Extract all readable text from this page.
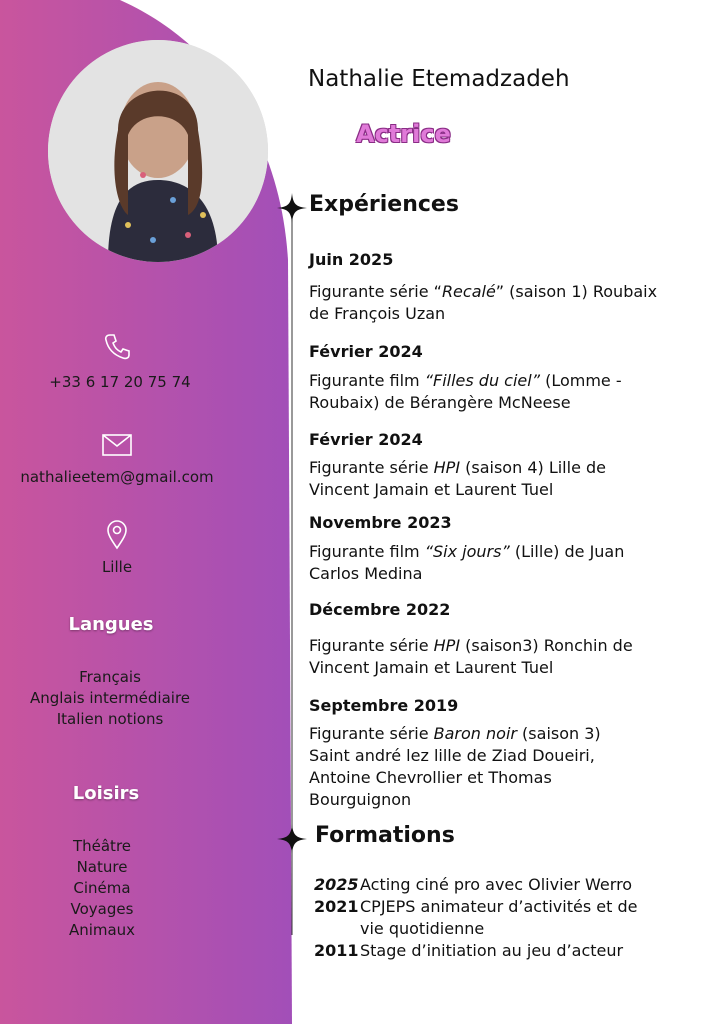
+33 6 17 20 75 74
nathalieetem@gmail.com
Lille
Langues
Français
Anglais intermédiaire
Italien notions
Loisirs
Théâtre
Nature
Cinéma
Voyages
Animaux
Nathalie Etemadzadeh
Actrice
Expériences
Juin 2025
Figurante série “Recalé” (saison 1) Roubaix de François Uzan
Février 2024
Figurante film “Filles du ciel” (Lomme - Roubaix) de Bérangère McNeese
Février 2024
Figurante série HPI (saison 4) Lille de Vincent Jamain et Laurent Tuel
Novembre 2023
Figurante film “Six jours” (Lille) de Juan Carlos Medina
Décembre 2022
Figurante série HPI (saison3) Ronchin de Vincent Jamain et Laurent Tuel
Septembre 2019
Figurante série Baron noir (saison 3) Saint andré lez lille de Ziad Doueiri, Antoine Chevrollier et Thomas Bourguignon
Formations
2025 Acting ciné pro avec Olivier Werro
2021 CPJEPS animateur d’activités et de vie quotidienne
2011 Stage d’initiation au jeu d’acteur
